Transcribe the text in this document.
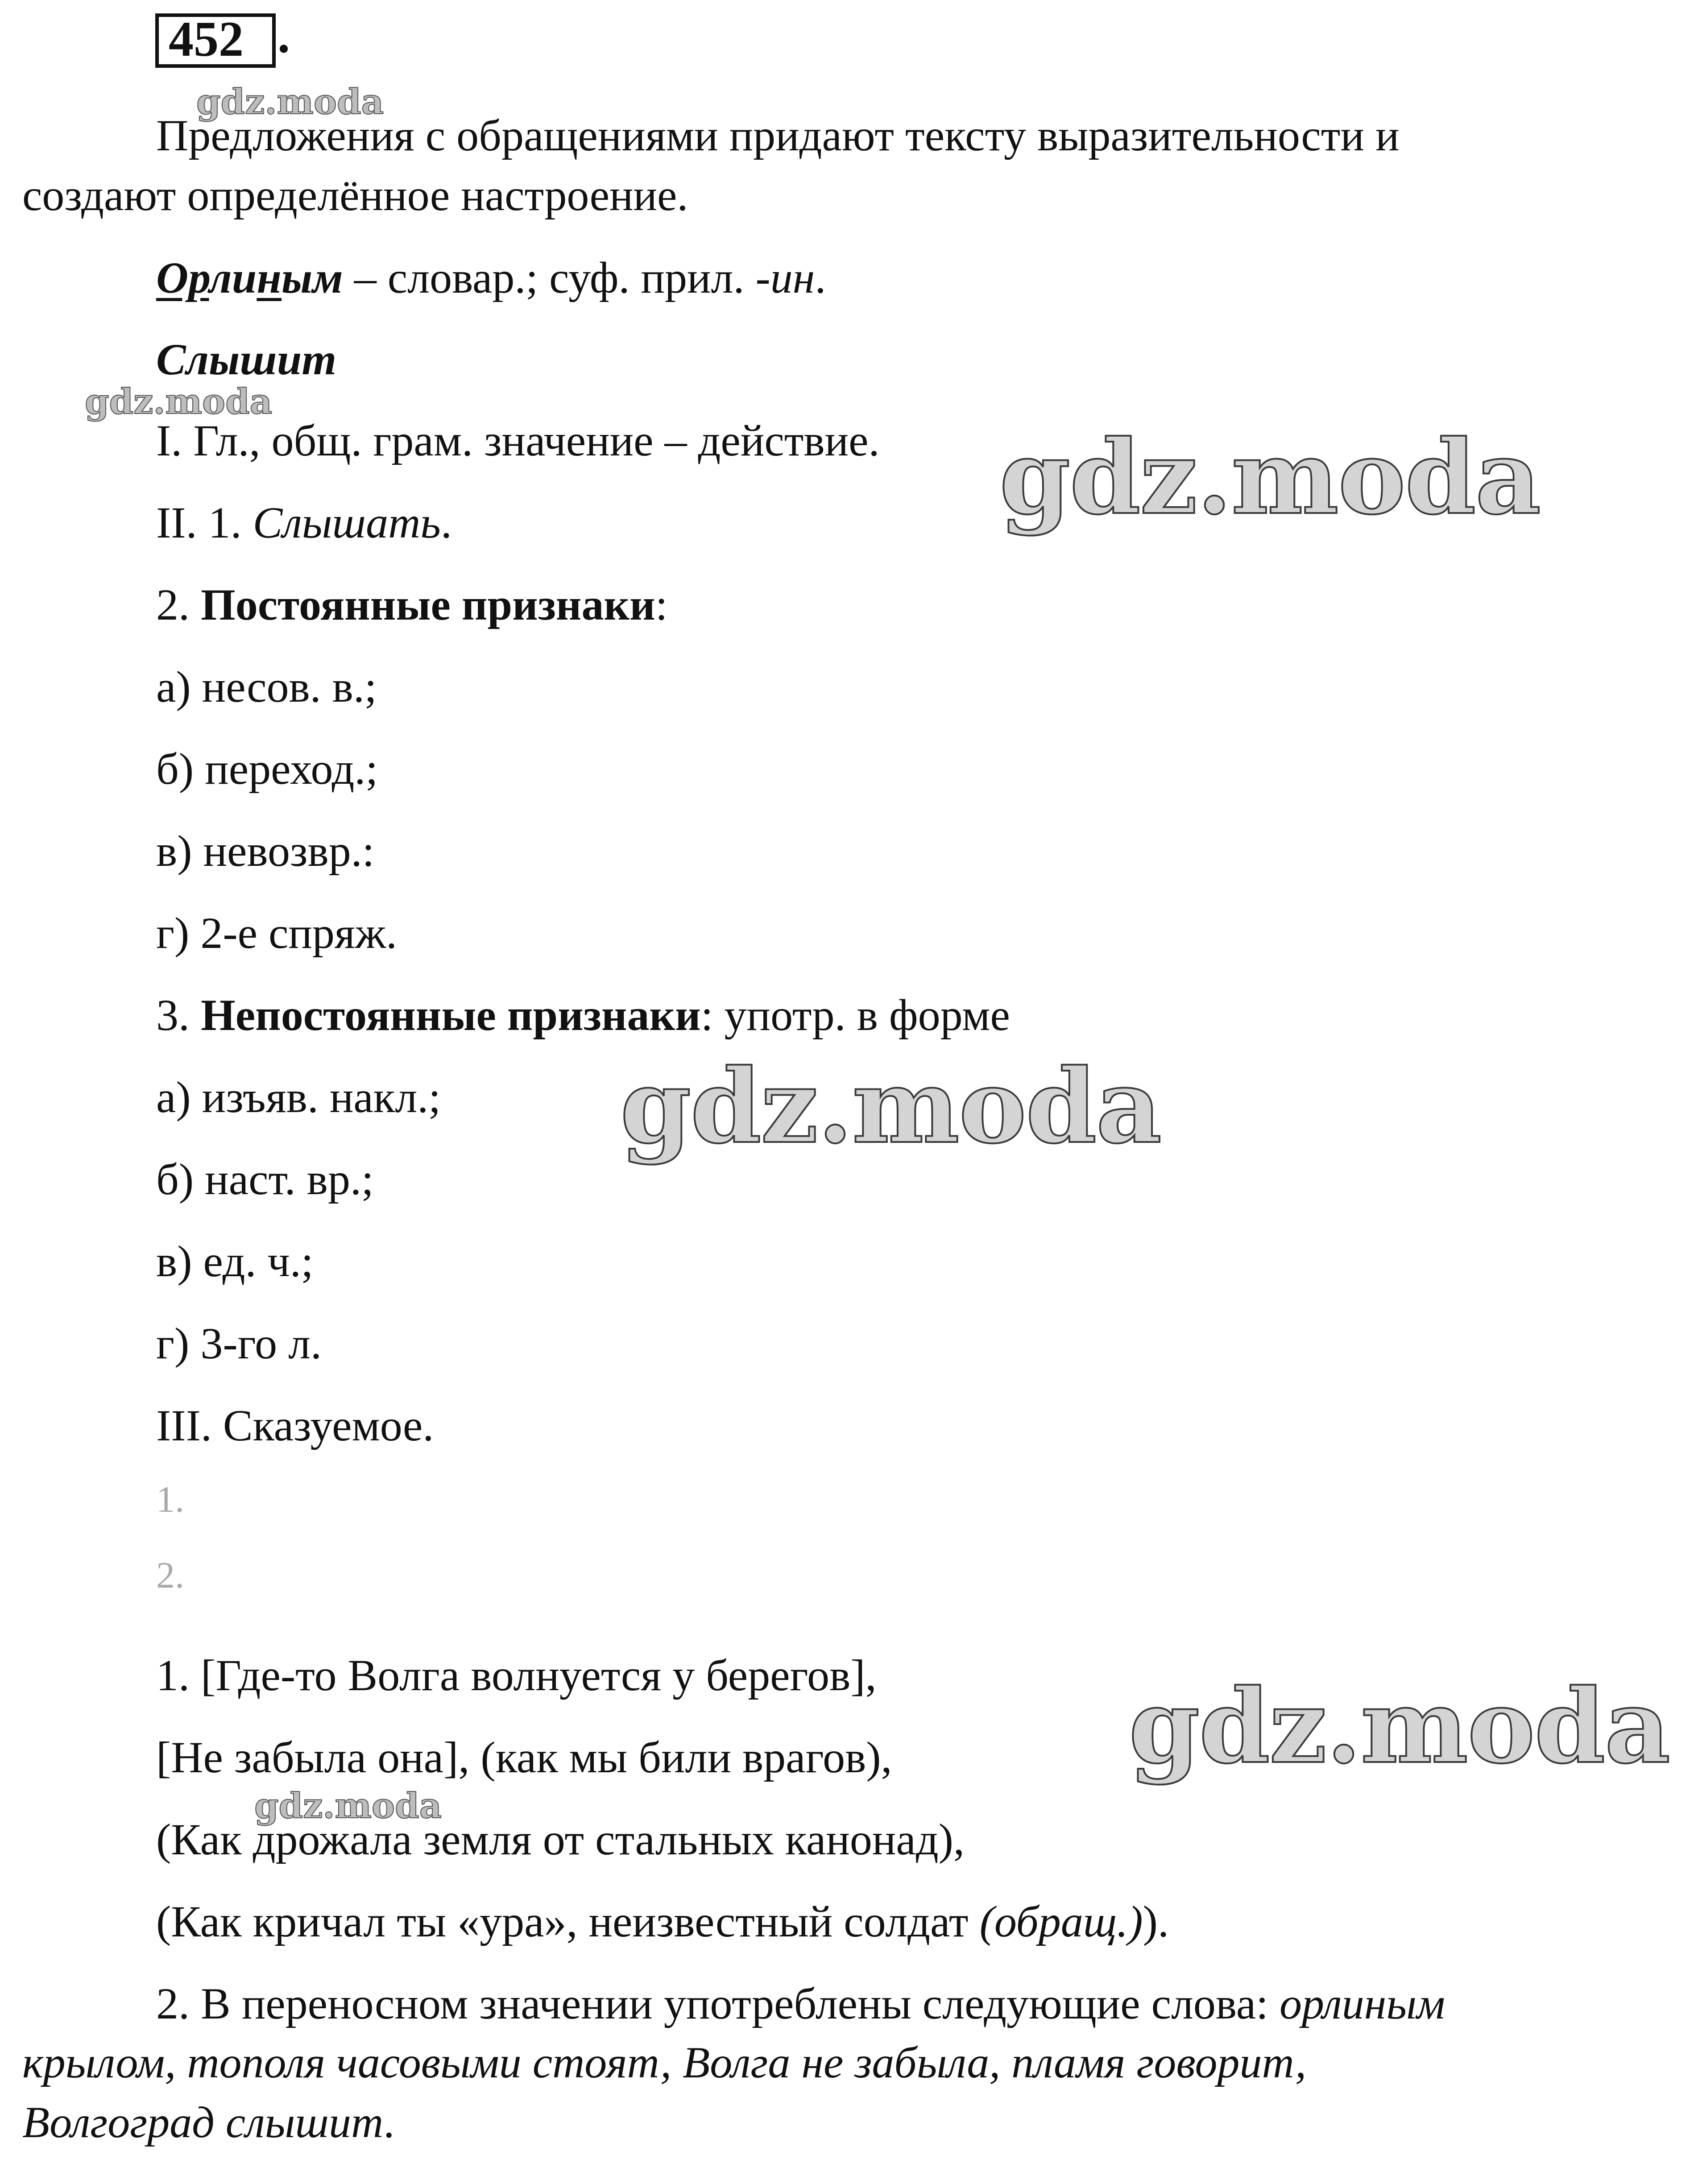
452 .
Предложения с обращениями придают тексту выразительности и
создают определённое настроение.
Орлиным – словар.; суф. прил. -ин.
Слышит
I. Гл., общ. грам. значение – действие.
II. 1. Слышать.
2. Постоянные признаки:
а) несов. в.;
б) переход.;
в) невозвр.:
г) 2-е спряж.
3. Непостоянные признаки: употр. в форме
а) изъяв. накл.;
б) наст. вр.;
в) ед. ч.;
г) 3-го л.
III. Сказуемое.
1.
2.
1. [Где-то Волга волнуется у берегов],
[Не забыла она], (как мы били врагов),
(Как дрожала земля от стальных канонад),
(Как кричал ты «ура», неизвестный солдат (обращ.)).
2. В переносном значении употреблены следующие слова: орлиным
крылом, тополя часовыми стоят, Волга не забыла, пламя говорит,
Волгоград слышит.
gdz.moda
gdz.moda
gdz.moda
gdz.moda
gdz.moda
gdz.moda
